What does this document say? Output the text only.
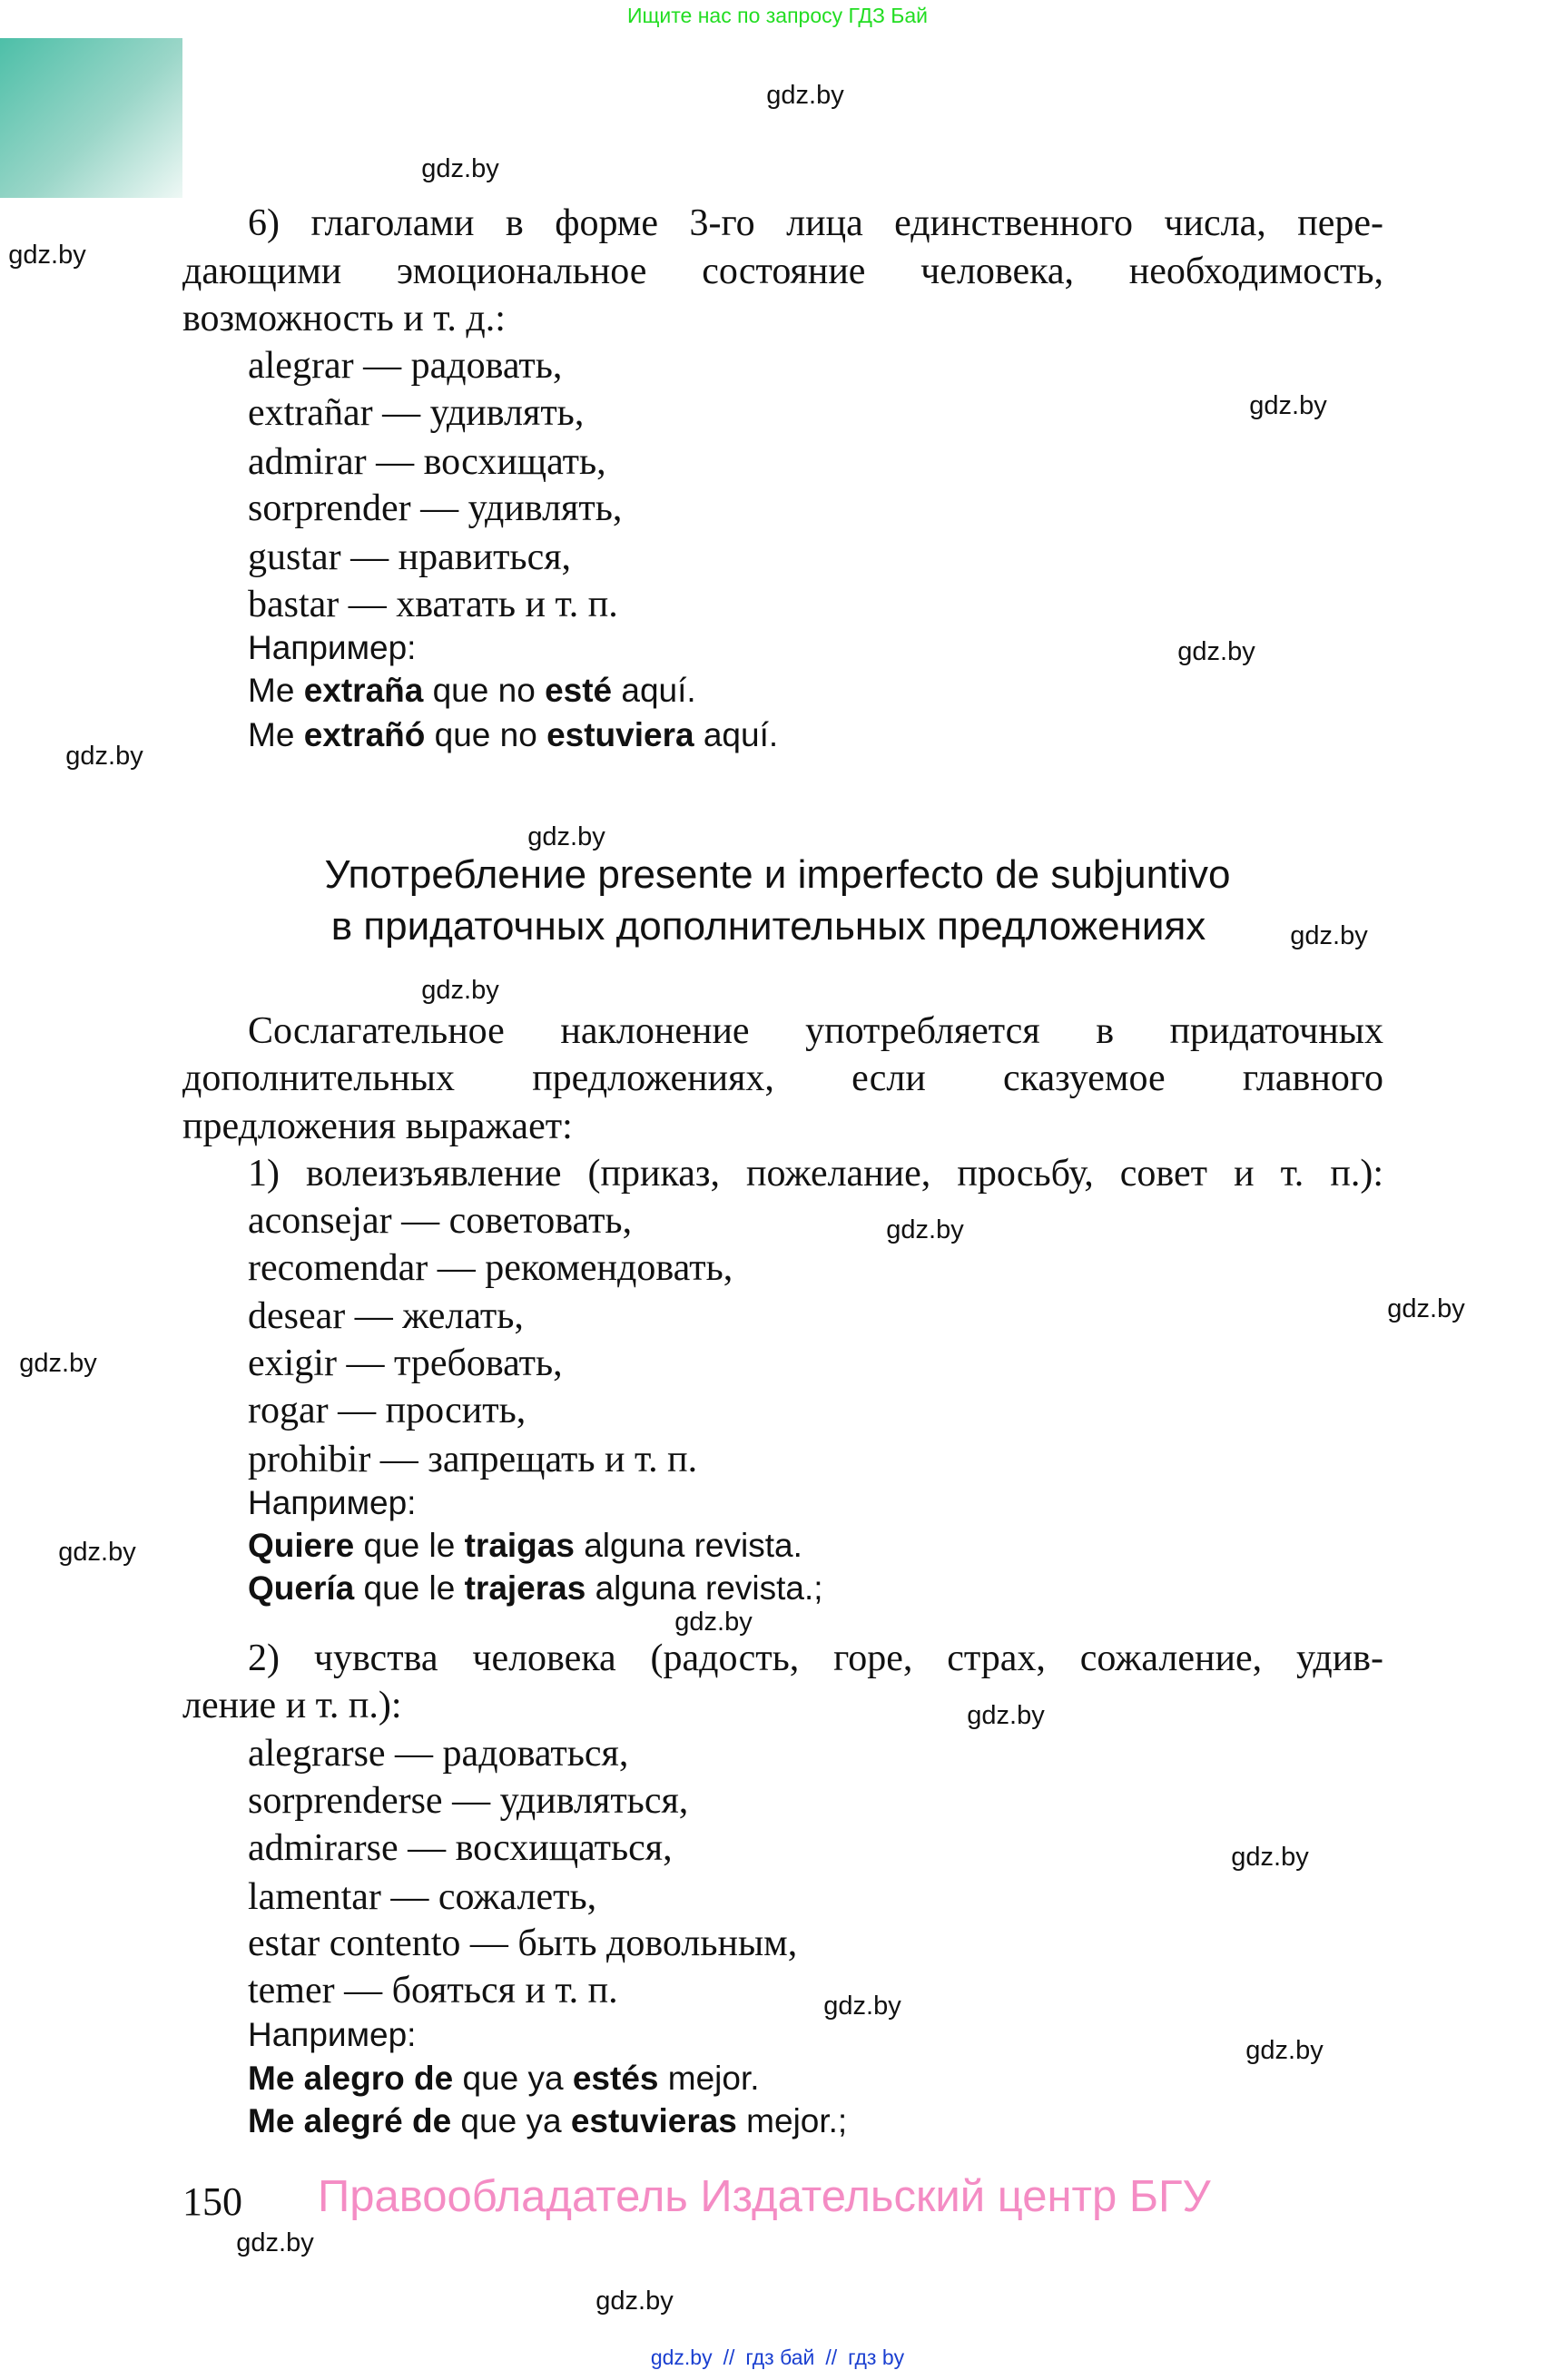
Ищите нас по запросу ГДЗ Бай
6) глаголами в форме 3-го лица единственного числа, пере-
дающими эмоциональное состояние человека, необходимость,
возможность и т. д.:
alegrar — радовать,
extrañar — удивлять,
admirar — восхищать,
sorprender — удивлять,
gustar — нравиться,
bastar — хватать и т. п.
Например:
Me extraña que no esté aquí.
Me extrañó que no estuviera aquí.
Употребление presente и imperfecto de subjuntivo
в придаточных дополнительных предложениях
Сослагательное наклонение употребляется в придаточных
дополнительных предложениях, если сказуемое главного
предложения выражает:
1) волеизъявление (приказ, пожелание, просьбу, совет и т. п.):
aconsejar — советовать,
recomendar — рекомендовать,
desear — желать,
exigir — требовать,
rogar — просить,
prohibir — запрещать и т. п.
Например:
Quiere que le traigas alguna revista.
Quería que le trajeras alguna revista.;
2) чувства человека (радость, горе, страх, сожаление, удив-
ление и т. п.):
alegrarse — радоваться,
sorprenderse — удивляться,
admirarse — восхищаться,
lamentar — сожалеть,
estar contento — быть довольным,
temer — бояться и т. п.
Например:
Me alegro de que ya estés mejor.
Me alegré de que ya estuvieras mejor.;
150 Правообладатель Издательский центр БГУ
gdz.by // гдз бай // гдз by
gdz.by
gdz.by
gdz.by
gdz.by
gdz.by
gdz.by
gdz.by
gdz.by
gdz.by
gdz.by
gdz.by
gdz.by
gdz.by
gdz.by
gdz.by
gdz.by
gdz.by
gdz.by
gdz.by
gdz.by
